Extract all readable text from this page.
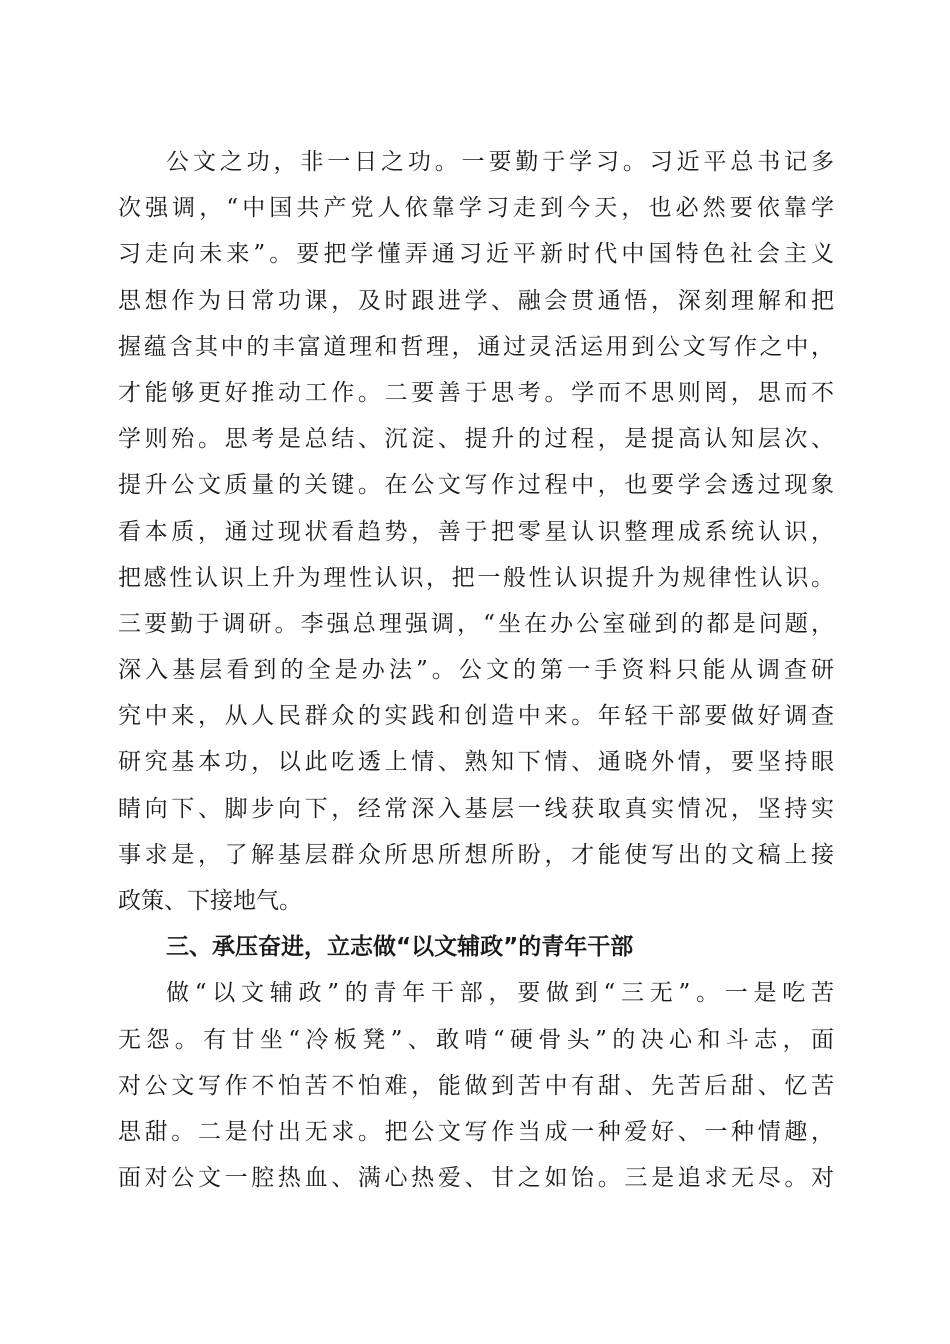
公文之功，非一日之功。一要勤于学习。习近平总书记多
次强调，“中国共产党人依靠学习走到今天，也必然要依靠学
习走向未来”。要把学懂弄通习近平新时代中国特色社会主义
思想作为日常功课，及时跟进学、融会贯通悟，深刻理解和把
握蕴含其中的丰富道理和哲理，通过灵活运用到公文写作之中，
才能够更好推动工作。二要善于思考。学而不思则罔，思而不
学则殆。思考是总结、沉淀、提升的过程，是提高认知层次、
提升公文质量的关键。在公文写作过程中，也要学会透过现象
看本质，通过现状看趋势，善于把零星认识整理成系统认识，
把感性认识上升为理性认识，把一般性认识提升为规律性认识。
三要勤于调研。李强总理强调，“坐在办公室碰到的都是问题，
深入基层看到的全是办法”。公文的第一手资料只能从调查研
究中来，从人民群众的实践和创造中来。年轻干部要做好调查
研究基本功，以此吃透上情、熟知下情、通晓外情，要坚持眼
睛向下、脚步向下，经常深入基层一线获取真实情况，坚持实
事求是，了解基层群众所思所想所盼，才能使写出的文稿上接
政策、下接地气。
三、承压奋进，立志做“以文辅政”的青年干部
做“以文辅政”的青年干部，要做到“三无”。一是吃苦
无怨。有甘坐“冷板凳”、敢啃“硬骨头”的决心和斗志，面
对公文写作不怕苦不怕难，能做到苦中有甜、先苦后甜、忆苦
思甜。二是付出无求。把公文写作当成一种爱好、一种情趣，
面对公文一腔热血、满心热爱、甘之如饴。三是追求无尽。对
